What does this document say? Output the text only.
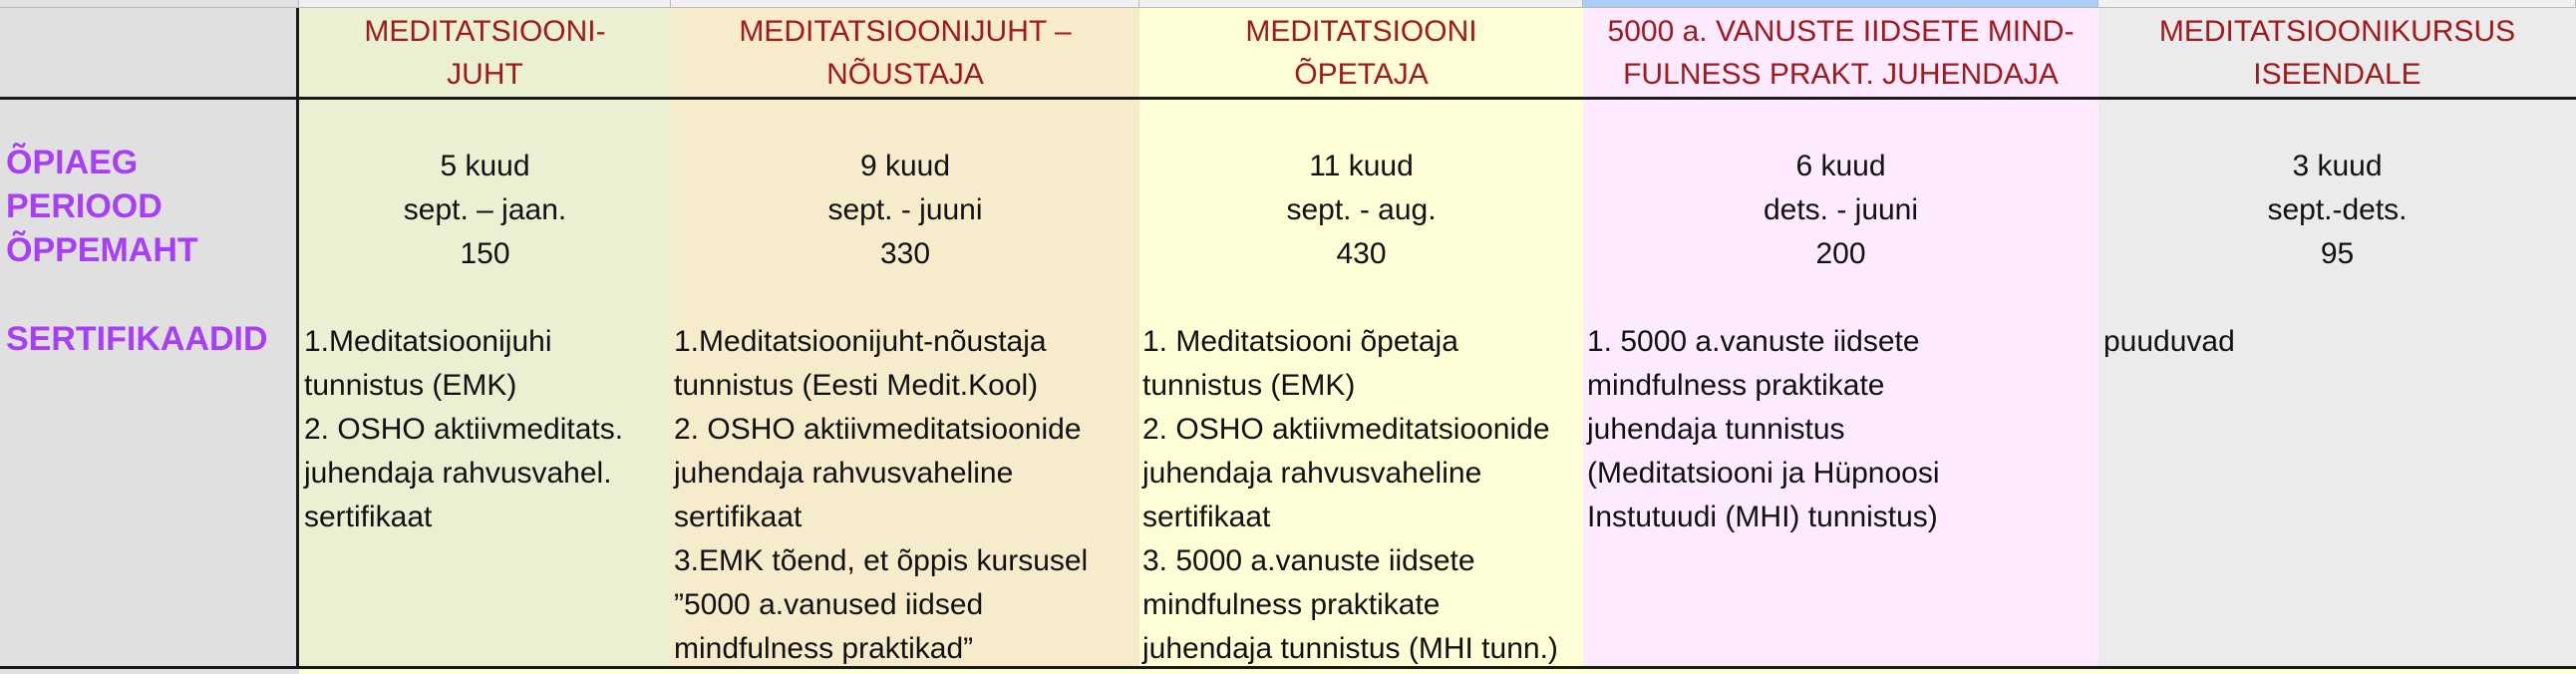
MEDITATSIOONI-
JUHT
MEDITATSIOONIJUHT –
NÕUSTAJA
MEDITATSIOONI
ÕPETAJA
5000 a. VANUSTE IIDSETE MIND-
FULNESS PRAKT. JUHENDAJA
MEDITATSIOONIKURSUS
ISEENDALE
ÕPIAEG
PERIOOD
ÕPPEMAHT
SERTIFIKAADID
5 kuud
sept. – jaan.
150
1.Meditatsioonijuhi
tunnistus (EMK)
2. OSHO aktiivmeditats.
juhendaja rahvusvahel.
sertifikaat
9 kuud
sept. - juuni
330
1.Meditatsioonijuht-nõustaja
tunnistus (Eesti Medit.Kool)
2. OSHO aktiivmeditatsioonide
juhendaja rahvusvaheline
sertifikaat
3.EMK tõend, et õppis kursusel
”5000 a.vanused iidsed
mindfulness praktikad”
11 kuud
sept. - aug.
430
1. Meditatsiooni õpetaja
tunnistus (EMK)
2. OSHO aktiivmeditatsioonide
juhendaja rahvusvaheline
sertifikaat
3. 5000 a.vanuste iidsete
mindfulness praktikate
juhendaja tunnistus (MHI tunn.)
6 kuud
dets. - juuni
200
1. 5000 a.vanuste iidsete
mindfulness praktikate
juhendaja tunnistus
(Meditatsiooni ja Hüpnoosi
Instutuudi (MHI) tunnistus)
3 kuud
sept.-dets.
95
puuduvad
